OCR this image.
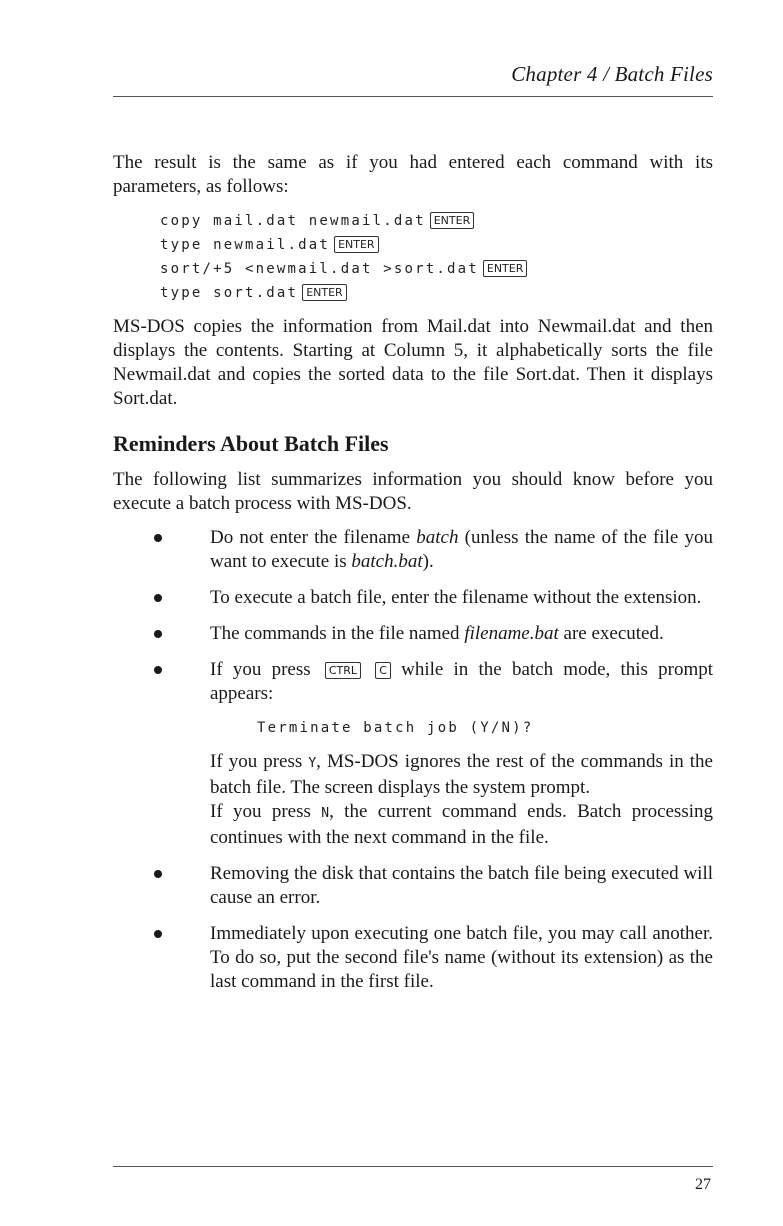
Chapter 4 / Batch Files

The result is the same as if you had entered each command with its parameters, as follows:

copy mail.dat newmail.dat ENTER
type newmail.dat ENTER
sort/+5 <newmail.dat >sort.dat ENTER
type sort.dat ENTER

MS-DOS copies the information from Mail.dat into Newmail.dat and then displays the contents. Starting at Column 5, it alphabetically sorts the file Newmail.dat and copies the sorted data to the file Sort.dat. Then it displays Sort.dat.

Reminders About Batch Files

The following list summarizes information you should know before you execute a batch process with MS-DOS.

Do not enter the filename batch (unless the name of the file you want to execute is batch.bat).

To execute a batch file, enter the filename without the extension.

The commands in the file named filename.bat are executed.

If you press CTRL C while in the batch mode, this prompt appears:

Terminate batch job (Y/N)?

If you press Y, MS-DOS ignores the rest of the commands in the batch file. The screen displays the system prompt.

If you press N, the current command ends. Batch processing continues with the next command in the file.

Removing the disk that contains the batch file being executed will cause an error.

Immediately upon executing one batch file, you may call another. To do so, put the second file's name (without its extension) as the last command in the first file.

27
